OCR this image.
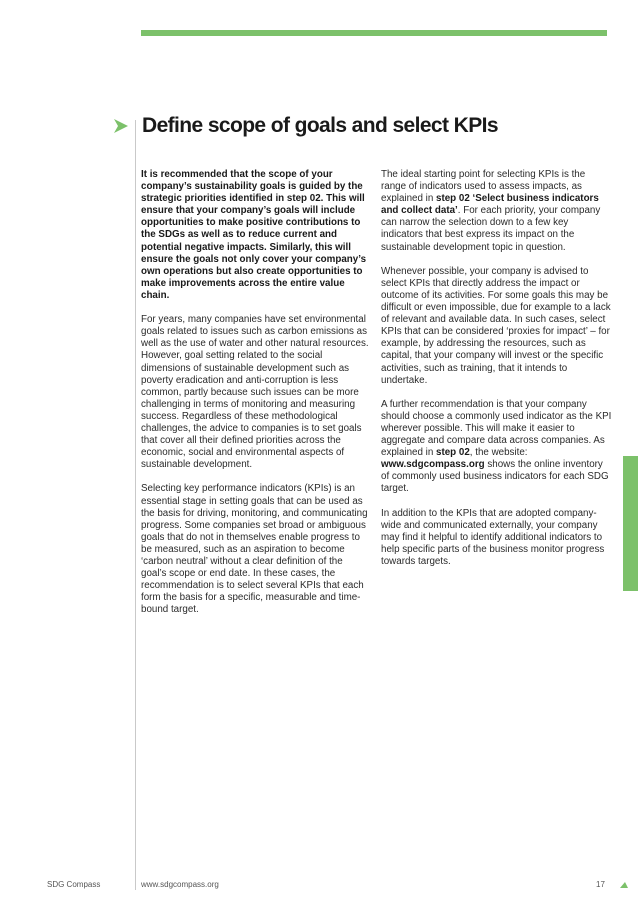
Define scope of goals and select KPIs

It is recommended that the scope of your company’s sustainability goals is guided by the strategic priorities identified in step 02. This will ensure that your company’s goals will include opportunities to make positive contributions to the SDGs as well as to reduce current and potential negative impacts. Similarly, this will ensure the goals not only cover your company’s own operations but also create opportunities to make improvements across the entire value chain.

For years, many companies have set environmental goals related to issues such as carbon emissions as well as the use of water and other natural resources. However, goal setting related to the social dimensions of sustainable development such as poverty eradication and anti-corruption is less common, partly because such issues can be more challenging in terms of monitoring and measuring success. Regardless of these methodological challenges, the advice to companies is to set goals that cover all their defined priorities across the economic, social and environmental aspects of sustainable development.

Selecting key performance indicators (KPIs) is an essential stage in setting goals that can be used as the basis for driving, monitoring, and communicating progress. Some companies set broad or ambiguous goals that do not in themselves enable progress to be measured, such as an aspiration to become ‘carbon neutral’ without a clear definition of the goal’s scope or end date. In these cases, the recommendation is to select several KPIs that each form the basis for a specific, measurable and time-bound target.

The ideal starting point for selecting KPIs is the range of indicators used to assess impacts, as explained in step 02 ‘Select business indicators and collect data’. For each priority, your company can narrow the selection down to a few key indicators that best express its impact on the sustainable development topic in question.

Whenever possible, your company is advised to select KPIs that directly address the impact or outcome of its activities. For some goals this may be difficult or even impossible, due for example to a lack of relevant and available data. In such cases, select KPIs that can be considered ‘proxies for impact’ – for example, by addressing the resources, such as capital, that your company will invest or the specific activities, such as training, that it intends to undertake.

A further recommendation is that your company should choose a commonly used indicator as the KPI wherever possible. This will make it easier to aggregate and compare data across companies. As explained in step 02, the website: www.sdgcompass.org shows the online inventory of commonly used business indicators for each SDG target.

In addition to the KPIs that are adopted company-wide and communicated externally, your company may find it helpful to identify additional indicators to help specific parts of the business monitor progress towards targets.

SDG Compass	www.sdgcompass.org	17
